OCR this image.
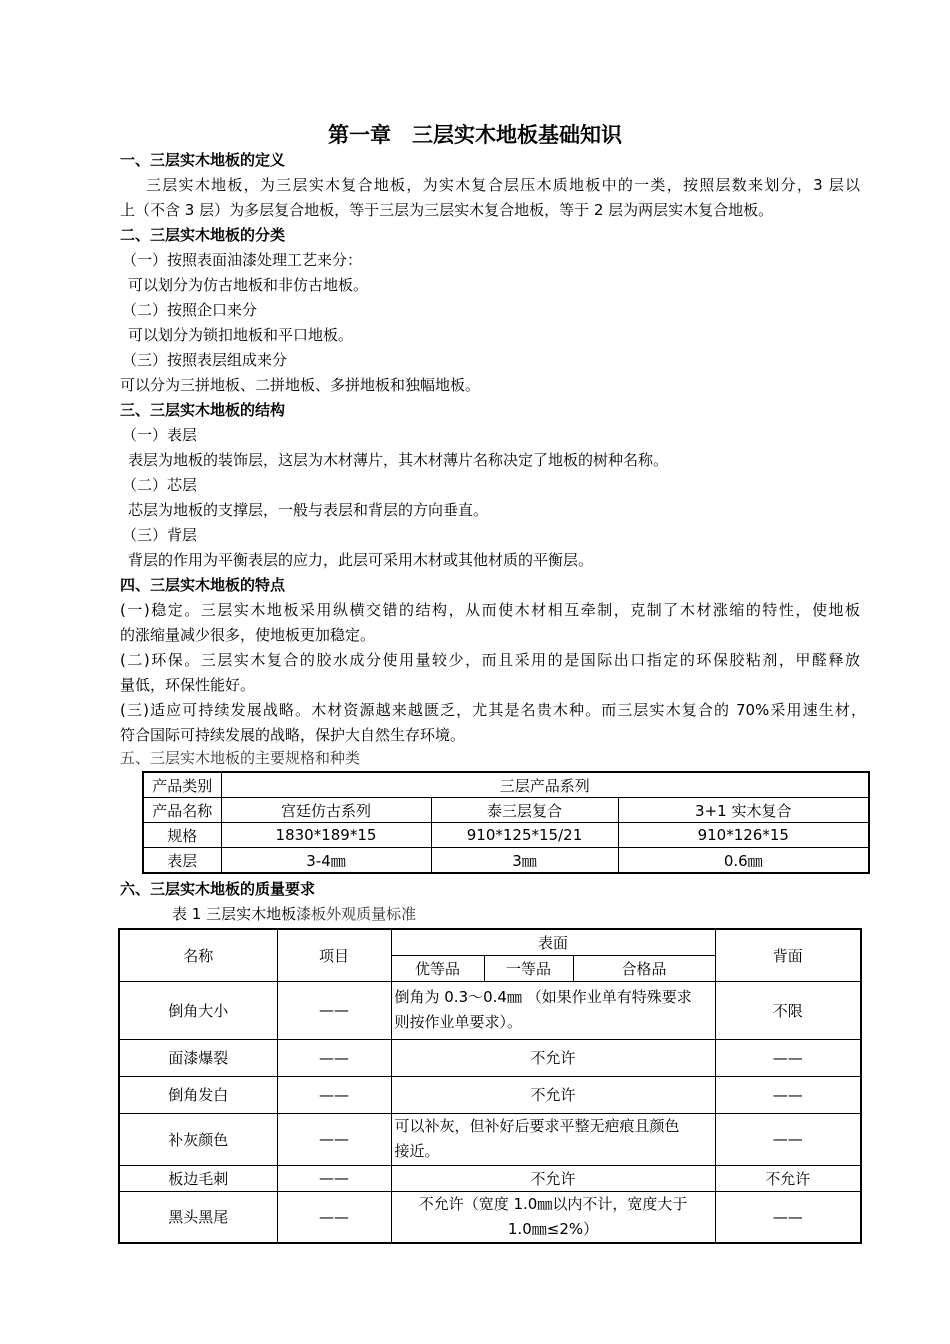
第一章　三层实木地板基础知识
一、三层实木地板的定义
三层实木地板，为三层实木复合地板，为实木复合层压木质地板中的一类，按照层数来划分，3 层以
上（不含 3 层）为多层复合地板，等于三层为三层实木复合地板，等于 2 层为两层实木复合地板。
二、三层实木地板的分类
（一）按照表面油漆处理工艺来分：
可以划分为仿古地板和非仿古地板。
（二）按照企口来分
可以划分为锁扣地板和平口地板。
（三）按照表层组成来分
可以分为三拼地板、二拼地板、多拼地板和独幅地板。
三、三层实木地板的结构
（一）表层
表层为地板的装饰层，这层为木材薄片，其木材薄片名称决定了地板的树种名称。
（二）芯层
芯层为地板的支撑层，一般与表层和背层的方向垂直。
（三）背层
背层的作用为平衡表层的应力，此层可采用木材或其他材质的平衡层。
四、三层实木地板的特点
(一)稳定。三层实木地板采用纵横交错的结构，从而使木材相互牵制，克制了木材涨缩的特性，使地板
的涨缩量减少很多，使地板更加稳定。
(二)环保。三层实木复合的胶水成分使用量较少，而且采用的是国际出口指定的环保胶粘剂，甲醛释放
量低，环保性能好。
(三)适应可持续发展战略。木材资源越来越匮乏，尤其是名贵木种。而三层实木复合的 70%采用速生材，
符合国际可持续发展的战略，保护大自然生存环境。
五、三层实木地板的主要规格和种类
产品类别	三层产品系列		
产品名称	宫廷仿古系列	泰三层复合	3+1 实木复合
规格	1830*189*15	910*125*15/21	910*126*15
表层	3-4㎜	3㎜	0.6㎜
六、三层实木地板的质量要求
表 1 三层实木地板漆板外观质量标准
名称	项目	表面			背面
		优等品	一等品	合格品	
倒角大小	——	倒角为 0.3～0.4㎜ （如果作业单有特殊要求
则按作业单要求）。			不限
面漆爆裂	——	不允许			——
倒角发白	——	不允许			——
补灰颜色	——	可以补灰，但补好后要求平整无疤痕且颜色
接近。			——
板边毛刺	——	不允许			不允许
黑头黑尾	——	不允许（宽度 1.0㎜以内不计，宽度大于
1.0㎜≤2%）			——
